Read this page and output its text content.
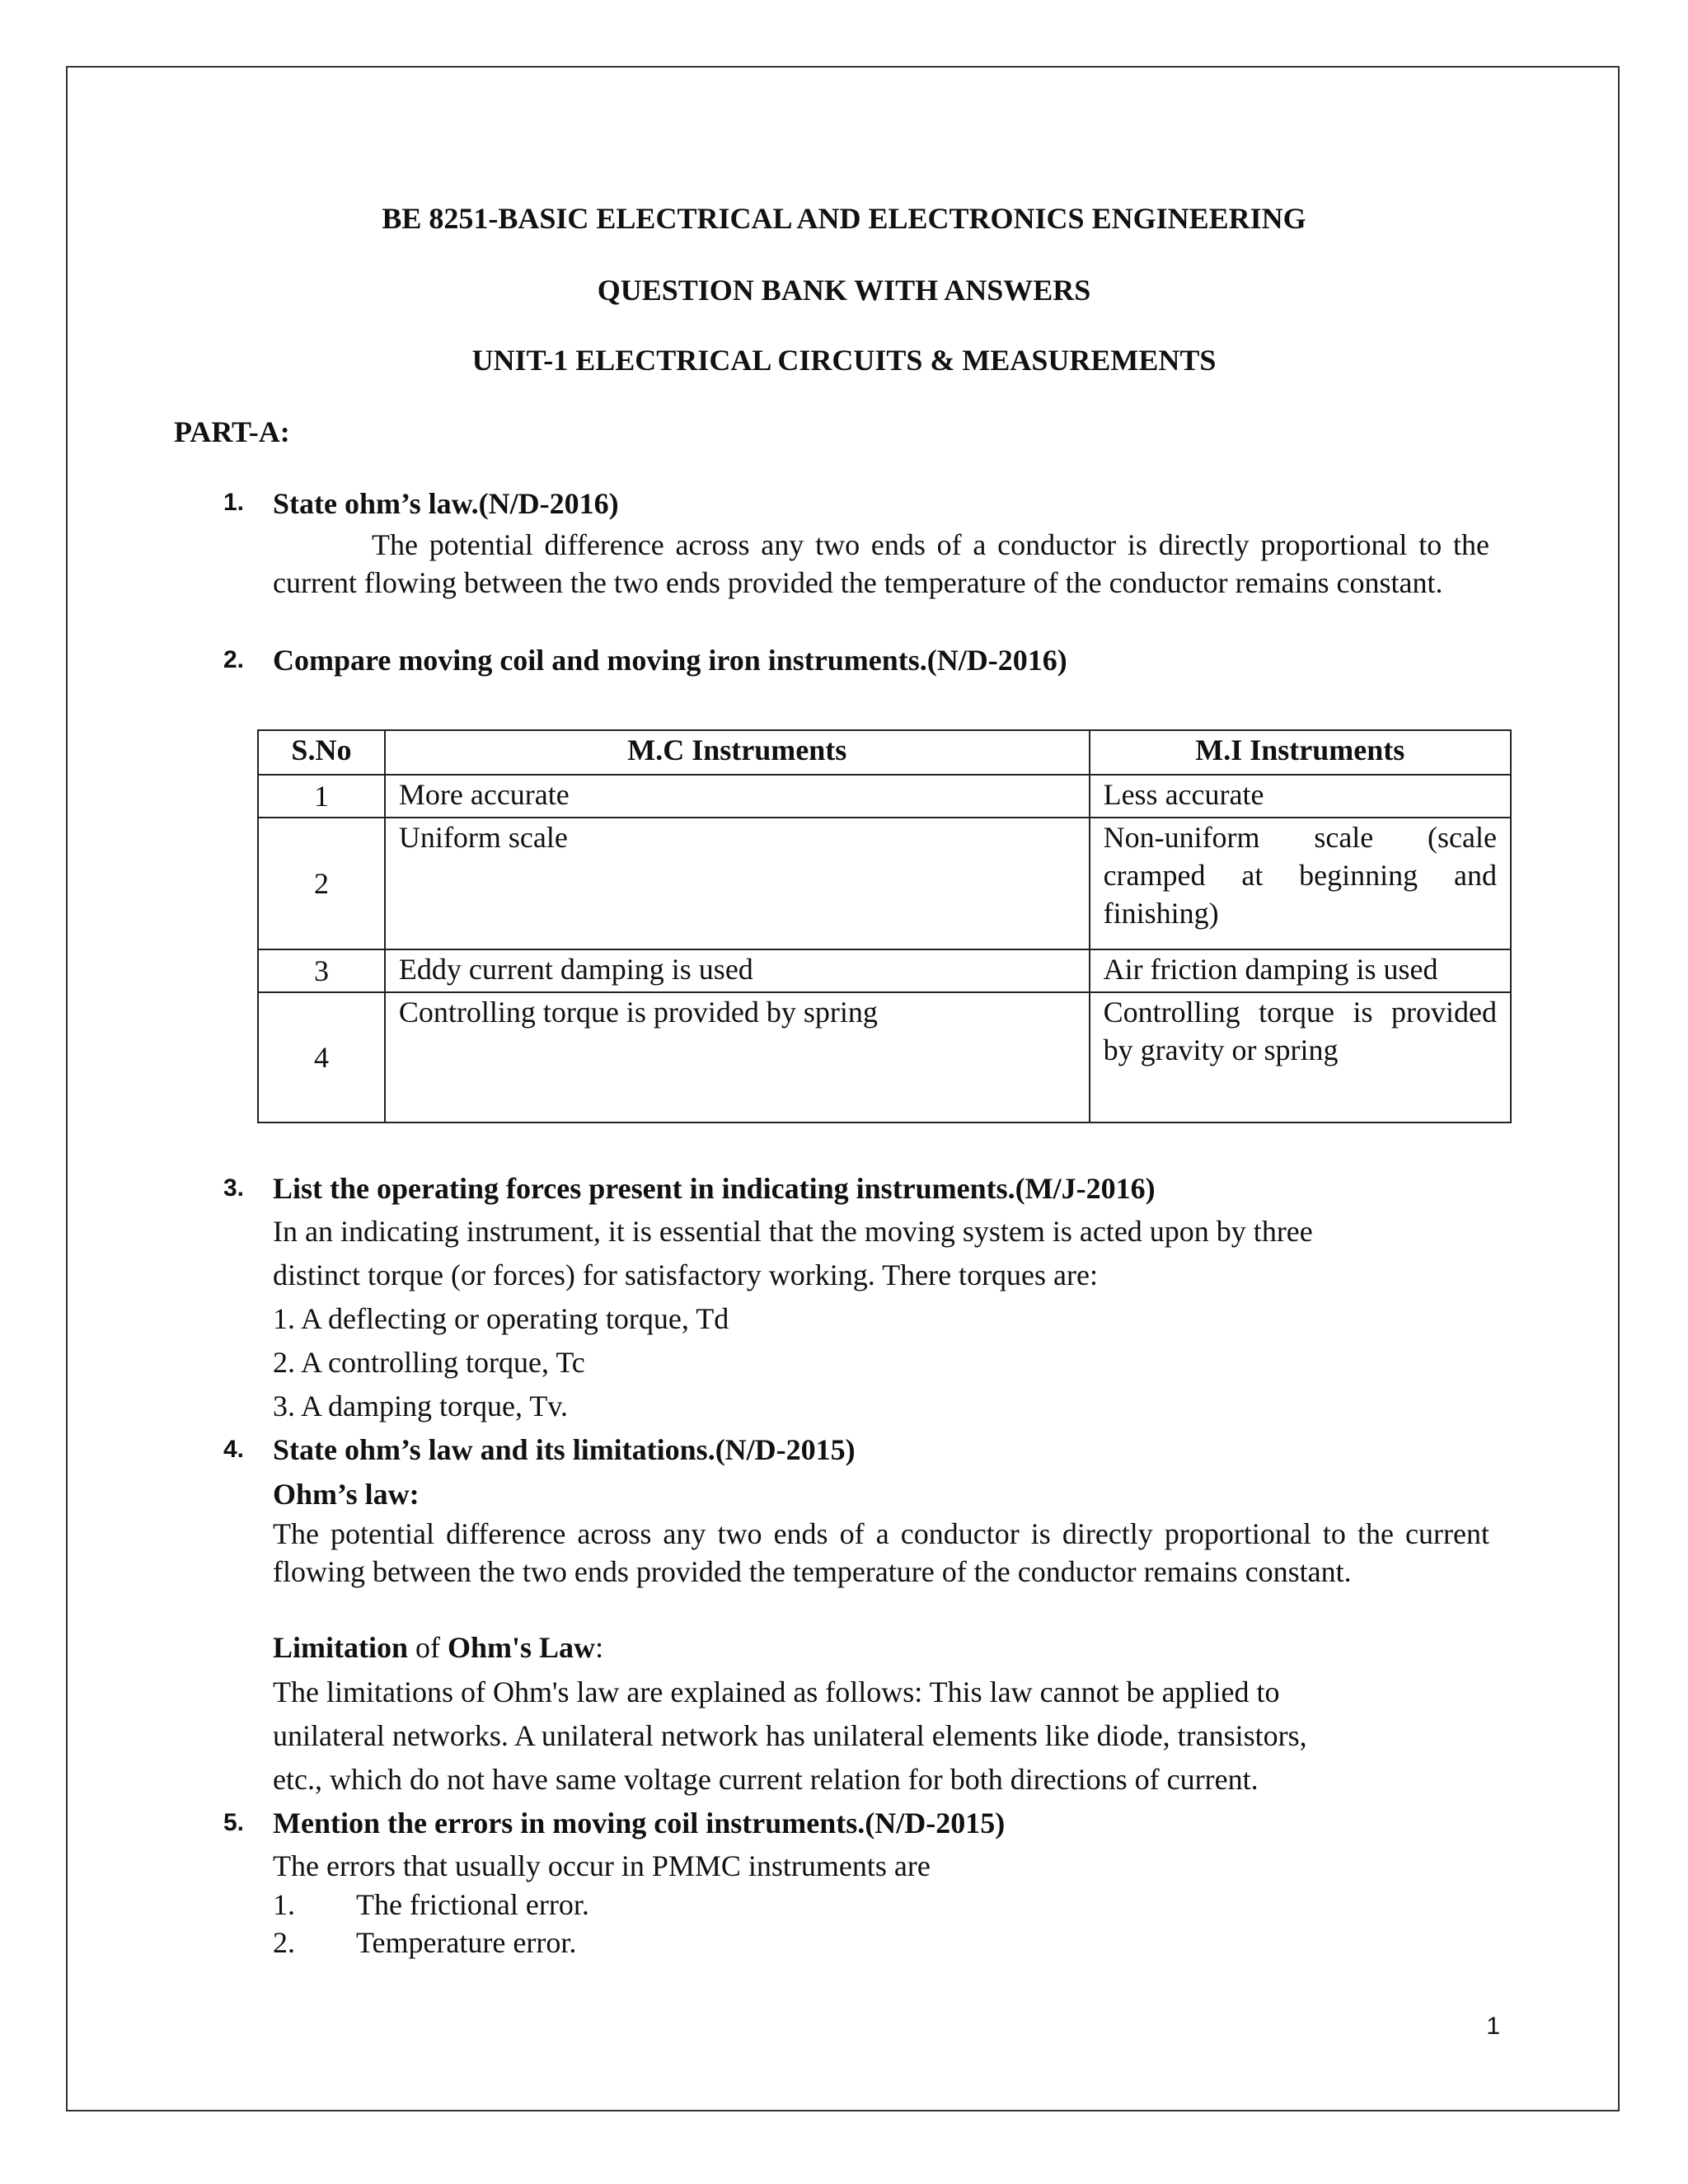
BE 8251-BASIC ELECTRICAL AND ELECTRONICS ENGINEERING
QUESTION BANK WITH ANSWERS
UNIT-1 ELECTRICAL CIRCUITS & MEASUREMENTS
PART-A:
1. State ohm’s law.(N/D-2016)
The potential difference across any two ends of a conductor is directly proportional to the current flowing between the two ends provided the temperature of the conductor remains constant.
2. Compare moving coil and moving iron instruments.(N/D-2016)
S.No	M.C Instruments	M.I Instruments
1	More accurate	Less accurate
2	Uniform scale	Non-uniform scale (scale cramped at beginning and finishing)
3	Eddy current damping is used	Air friction damping is used
4	Controlling torque is provided by spring	Controlling torque is provided by gravity or spring
3. List the operating forces present in indicating instruments.(M/J-2016)
In an indicating instrument, it is essential that the moving system is acted upon by three
distinct torque (or forces) for satisfactory working. There torques are:
1. A deflecting or operating torque, Td
2. A controlling torque, Tc
3. A damping torque, Tv.
4. State ohm’s law and its limitations.(N/D-2015)
Ohm’s law:
The potential difference across any two ends of a conductor is directly proportional to the current flowing between the two ends provided the temperature of the conductor remains constant.
Limitation of Ohm's Law:
The limitations of Ohm's law are explained as follows: This law cannot be applied to
unilateral networks. A unilateral network has unilateral elements like diode, transistors,
etc., which do not have same voltage current relation for both directions of current.
5. Mention the errors in moving coil instruments.(N/D-2015)
The errors that usually occur in PMMC instruments are
1. The frictional error.
2. Temperature error.
1
